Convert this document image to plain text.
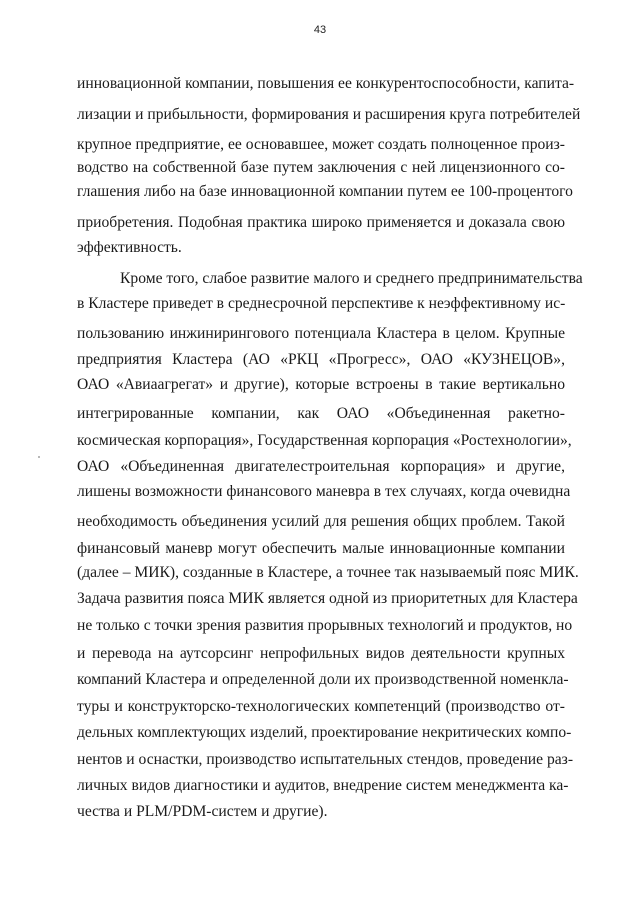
43
инновационной компании, повышения ее конкурентоспособности, капита-
лизации и прибыльности, формирования и расширения круга потребителей
крупное предприятие, ее основавшее, может создать полноценное произ-
водство на собственной базе путем заключения с ней лицензионного со-
глашения либо на базе инновационной компании путем ее 100-процентого
приобретения. Подобная практика широко применяется и доказала свою
эффективность.
Кроме того, слабое развитие малого и среднего предпринимательства
в Кластере приведет в среднесрочной перспективе к неэффективному ис-
пользованию инжинирингового потенциала Кластера в целом. Крупные
предприятия Кластера (АО «РКЦ «Прогресс», ОАО «КУЗНЕЦОВ»,
ОАО «Авиаагрегат» и другие), которые встроены в такие вертикально
интегрированные компании, как ОАО «Объединенная ракетно-
космическая корпорация», Государственная корпорация «Ростехнологии»,
ОАО «Объединенная двигателестроительная корпорация» и другие,
лишены возможности финансового маневра в тех случаях, когда очевидна
необходимость объединения усилий для решения общих проблем. Такой
финансовый маневр могут обеспечить малые инновационные компании
(далее – МИК), созданные в Кластере, а точнее так называемый пояс МИК.
Задача развития пояса МИК является одной из приоритетных для Кластера
не только с точки зрения развития прорывных технологий и продуктов, но
и перевода на аутсорсинг непрофильных видов деятельности крупных
компаний Кластера и определенной доли их производственной номенкла-
туры и конструкторско-технологических компетенций (производство от-
дельных комплектующих изделий, проектирование некритических компо-
нентов и оснастки, производство испытательных стендов, проведение раз-
личных видов диагностики и аудитов, внедрение систем менеджмента ка-
чества и PLM/PDM-систем и другие).
